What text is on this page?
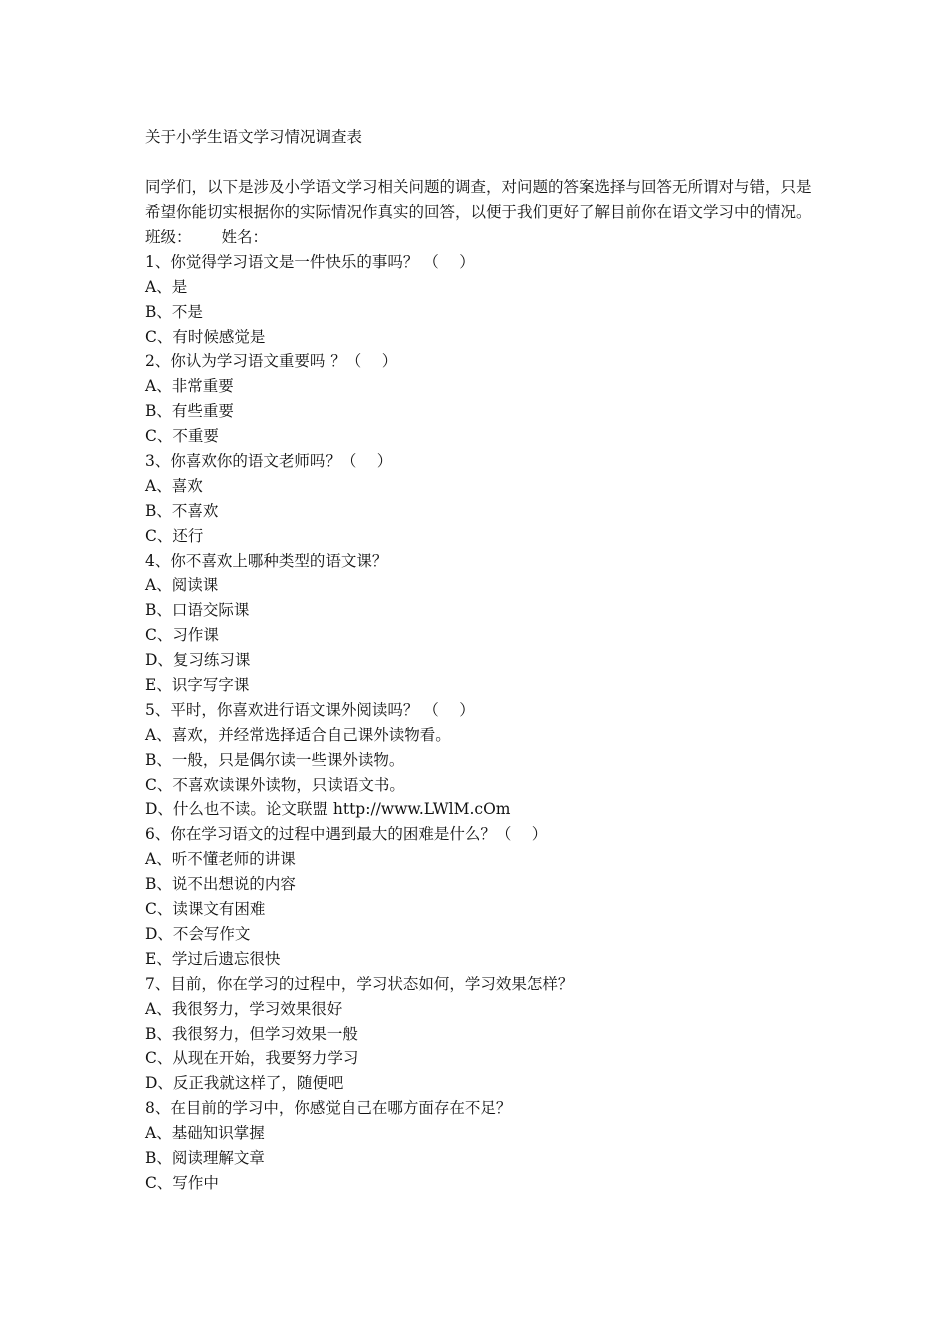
关于小学生语文学习情况调查表
同学们，以下是涉及小学语文学习相关问题的调查，对问题的答案选择与回答无所谓对与错，只是希望你能切实根据你的实际情况作真实的回答，以便于我们更好了解目前你在语文学习中的情况。
班级： 姓名：
1、你觉得学习语文是一件快乐的事吗？ （　 ）
A、是
B、不是
C、有时候感觉是
2、你认为学习语文重要吗 ？（　 ）
A、非常重要
B、有些重要
C、不重要
3、你喜欢你的语文老师吗？（　 ）
A、喜欢
B、不喜欢
C、还行
4、你不喜欢上哪种类型的语文课？
A、阅读课
B、口语交际课
C、习作课
D、复习练习课
E、识字写字课
5、平时，你喜欢进行语文课外阅读吗？ （　 ）
A、喜欢，并经常选择适合自己课外读物看。
B、一般，只是偶尔读一些课外读物。
C、不喜欢读课外读物，只读语文书。
D、什么也不读。论文联盟 http://www.LWlM.cOm
6、你在学习语文的过程中遇到最大的困难是什么？（　 ）
A、听不懂老师的讲课
B、说不出想说的内容
C、读课文有困难
D、不会写作文
E、学过后遗忘很快
7、目前，你在学习的过程中，学习状态如何，学习效果怎样？
A、我很努力，学习效果很好
B、我很努力，但学习效果一般
C、从现在开始，我要努力学习
D、反正我就这样了，随便吧
8、在目前的学习中，你感觉自己在哪方面存在不足？
A、基础知识掌握
B、阅读理解文章
C、写作中
